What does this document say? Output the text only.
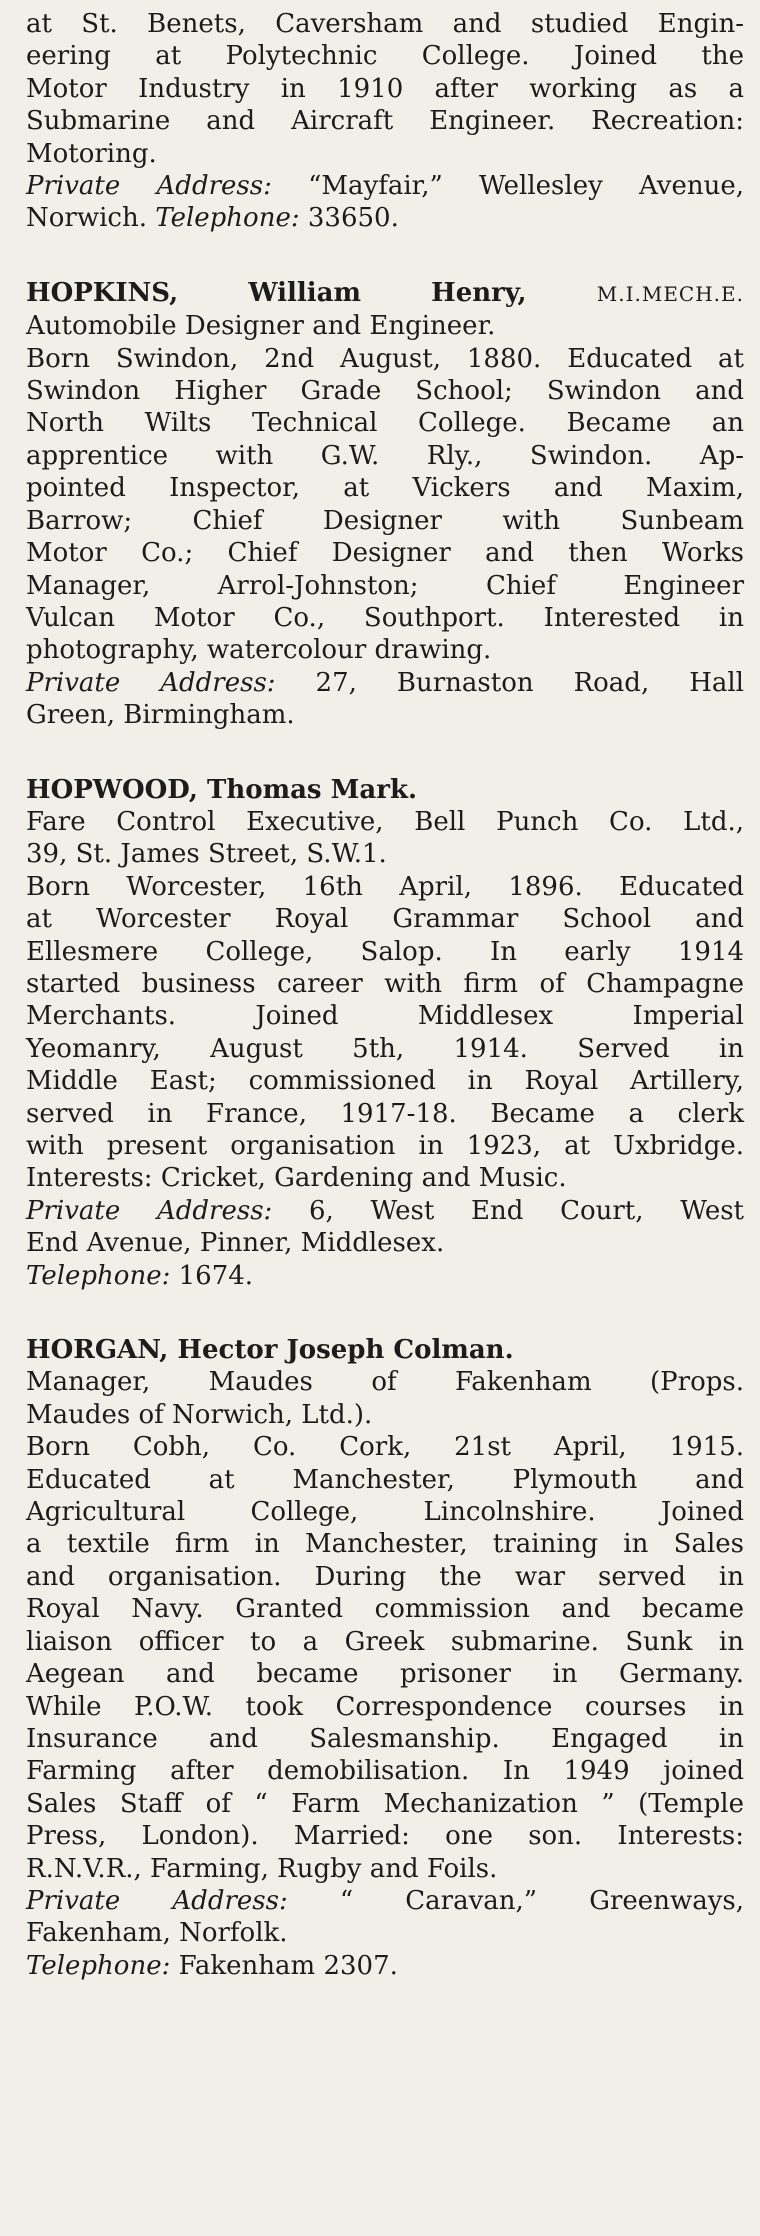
at St. Benets, Caversham and studied Engin-
eering at Polytechnic College. Joined the
Motor Industry in 1910 after working as a
Submarine and Aircraft Engineer. Recreation:
Motoring.
Private Address: “Mayfair,” Wellesley Avenue,
Norwich. Telephone: 33650.
HOPKINS, William Henry,	M.I.MECH.E.
Automobile Designer and Engineer.
Born Swindon, 2nd August, 1880. Educated at
Swindon Higher Grade School; Swindon and
North Wilts Technical College. Became an
apprentice with G.W. Rly., Swindon. Ap-
pointed Inspector, at Vickers and Maxim,
Barrow; Chief Designer with Sunbeam
Motor Co.; Chief Designer and then Works
Manager, Arrol-Johnston; Chief Engineer
Vulcan Motor Co., Southport. Interested in
photography, watercolour drawing.
Private Address: 27, Burnaston Road, Hall
Green, Birmingham.
HOPWOOD, Thomas Mark.
Fare Control Executive, Bell Punch Co. Ltd.,
39, St. James Street, S.W.1.
Born Worcester, 16th April, 1896. Educated
at Worcester Royal Grammar School and
Ellesmere College, Salop. In early 1914
started business career with firm of Champagne
Merchants. Joined Middlesex Imperial
Yeomanry, August 5th, 1914. Served in
Middle East; commissioned in Royal Artillery,
served in France, 1917-18. Became a clerk
with present organisation in 1923, at Uxbridge.
Interests: Cricket, Gardening and Music.
Private Address: 6, West End Court, West
End Avenue, Pinner, Middlesex.
Telephone: 1674.
HORGAN, Hector Joseph Colman.
Manager, Maudes of Fakenham (Props.
Maudes of Norwich, Ltd.).
Born Cobh, Co. Cork, 21st April, 1915.
Educated at Manchester, Plymouth and
Agricultural College, Lincolnshire. Joined
a textile firm in Manchester, training in Sales
and organisation. During the war served in
Royal Navy. Granted commission and became
liaison officer to a Greek submarine. Sunk in
Aegean and became prisoner in Germany.
While P.O.W. took Correspondence courses in
Insurance and Salesmanship. Engaged in
Farming after demobilisation. In 1949 joined
Sales Staff of “ Farm Mechanization ” (Temple
Press, London). Married: one son. Interests:
R.N.V.R., Farming, Rugby and Foils.
Private Address: “ Caravan,” Greenways,
Fakenham, Norfolk.
Telephone: Fakenham 2307.
